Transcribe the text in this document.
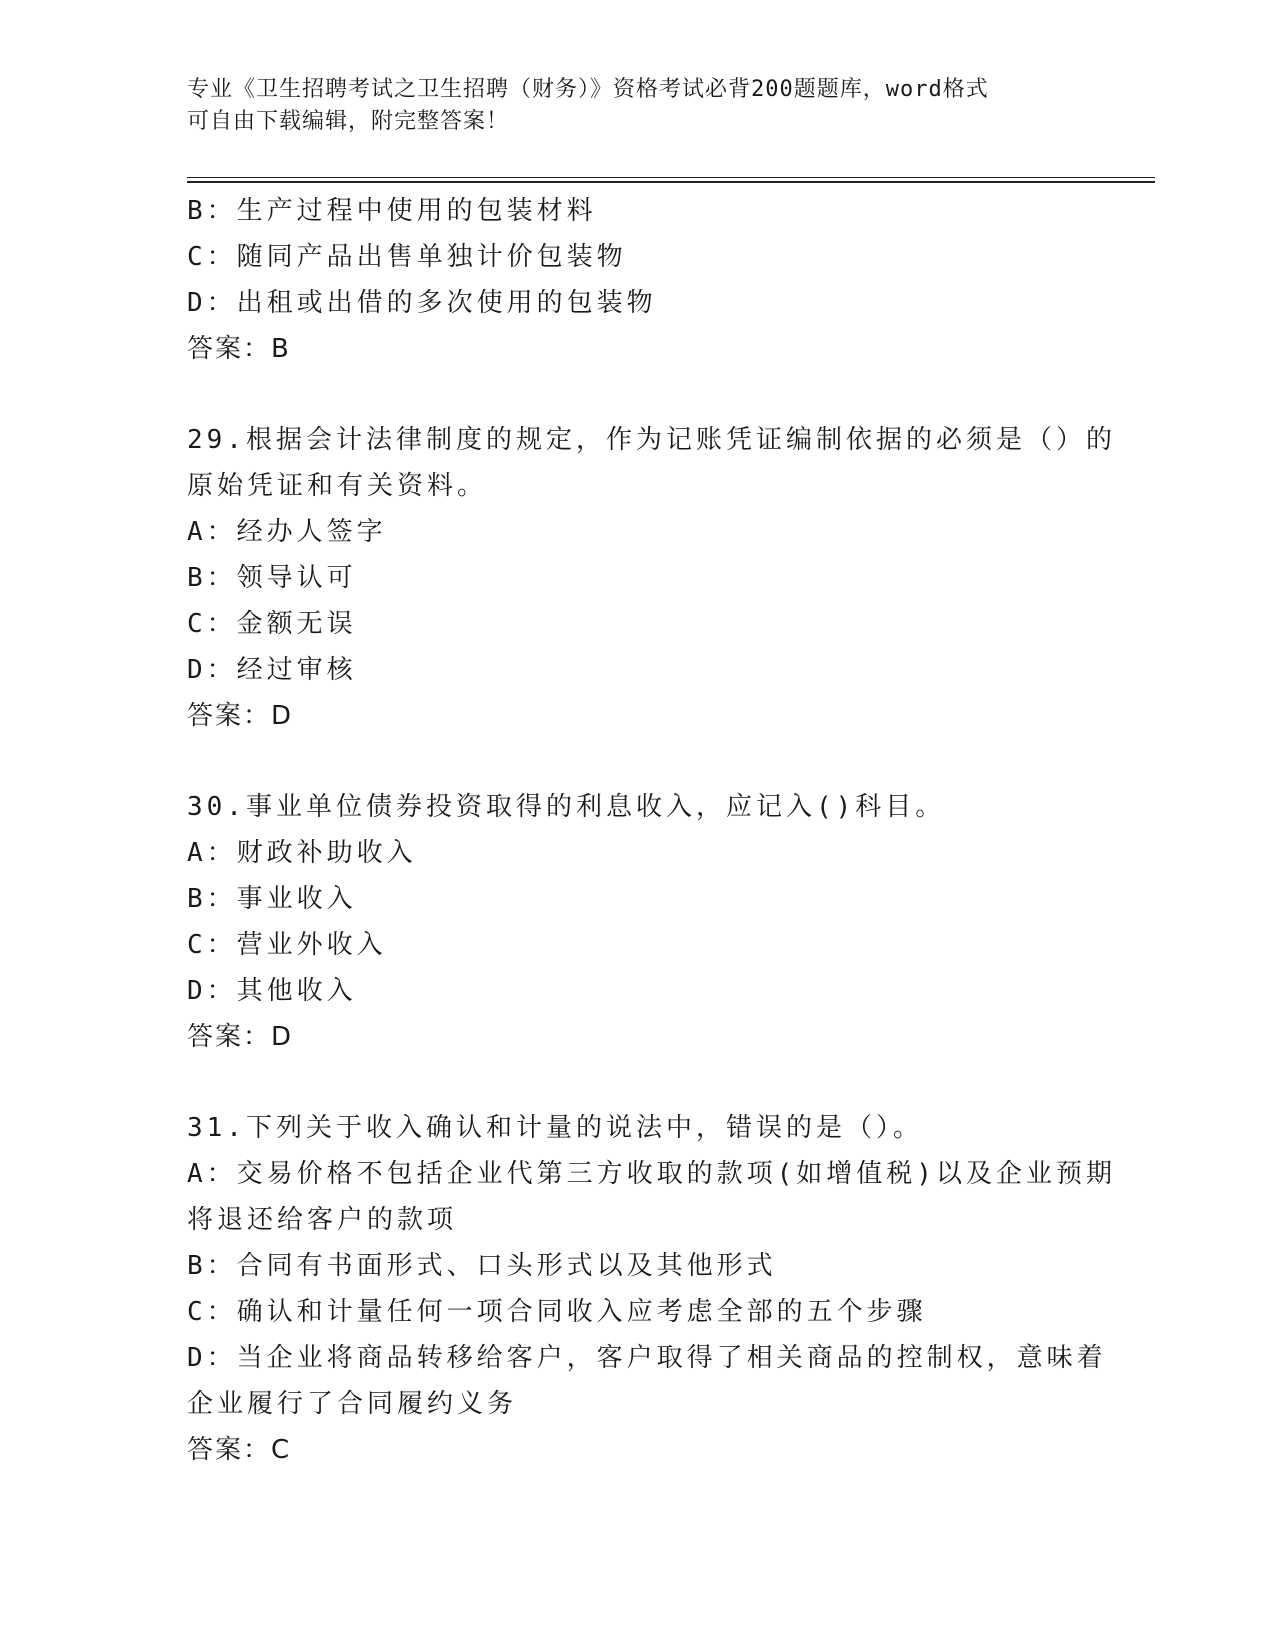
专业《卫生招聘考试之卫生招聘（财务）》资格考试必背200题题库，word格式
可自由下载编辑，附完整答案！
B：生产过程中使用的包装材料
C：随同产品出售单独计价包装物
D：出租或出借的多次使用的包装物
答案：B
29.根据会计法律制度的规定，作为记账凭证编制依据的必须是（）的
原始凭证和有关资料。
A：经办人签字
B：领导认可
C：金额无误
D：经过审核
答案：D
30.事业单位债券投资取得的利息收入，应记入()科目。
A：财政补助收入
B：事业收入
C：营业外收入
D：其他收入
答案：D
31.下列关于收入确认和计量的说法中，错误的是（）。
A：交易价格不包括企业代第三方收取的款项(如增值税)以及企业预期
将退还给客户的款项
B：合同有书面形式、口头形式以及其他形式
C：确认和计量任何一项合同收入应考虑全部的五个步骤
D：当企业将商品转移给客户，客户取得了相关商品的控制权，意味着
企业履行了合同履约义务
答案：C
